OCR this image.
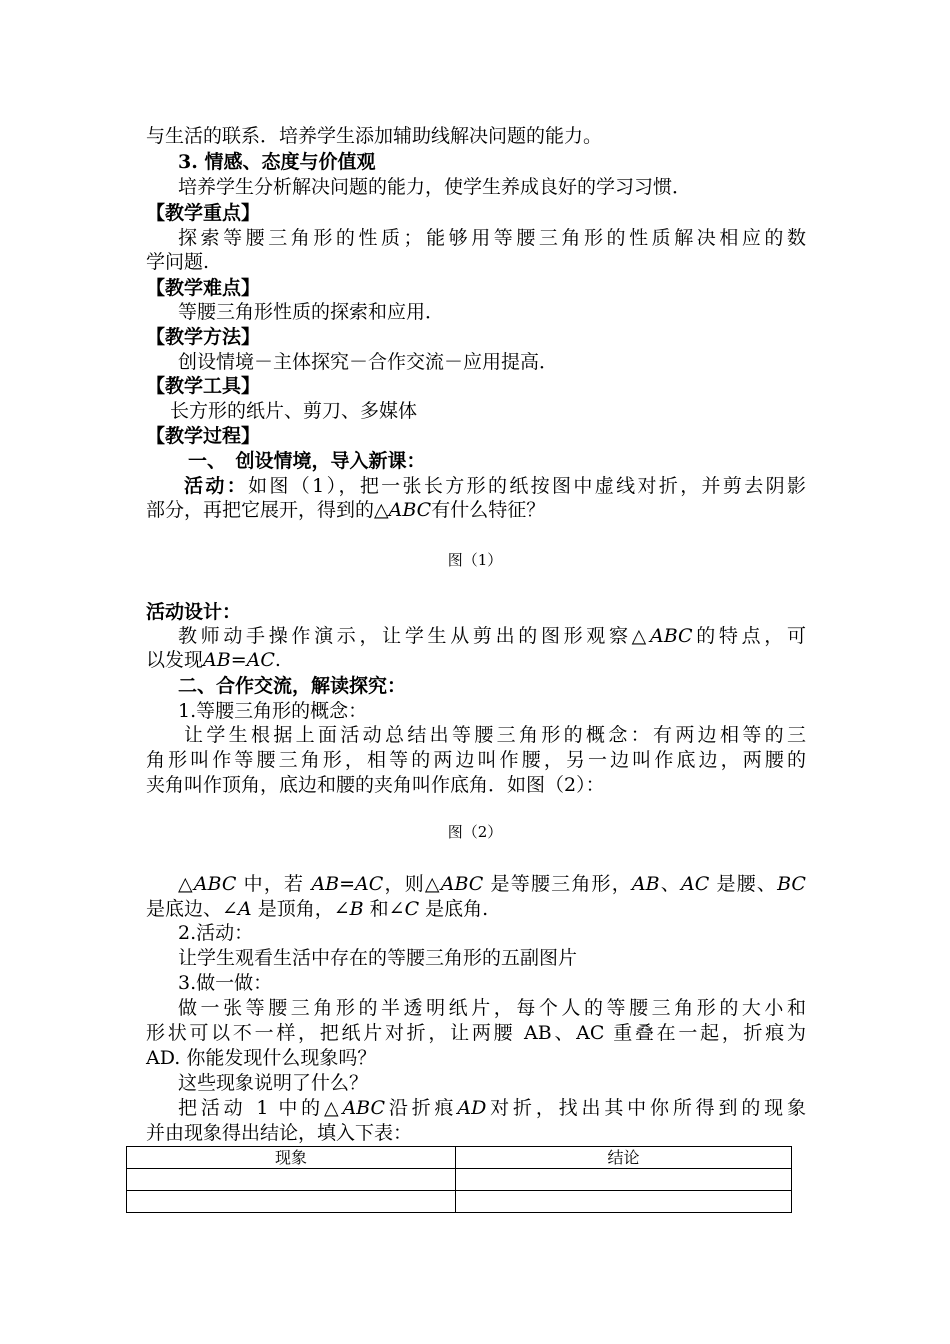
与生活的联系．培养学生添加辅助线解决问题的能力。
3. 情感、态度与价值观
培养学生分析解决问题的能力，使学生养成良好的学习习惯．
【教学重点】
探索等腰三角形的性质；能够用等腰三角形的性质解决相应的数
学问题.
【教学难点】
等腰三角形性质的探索和应用．
【教学方法】
创设情境－主体探究－合作交流－应用提高．
【教学工具】
长方形的纸片、剪刀、多媒体
【教学过程】
一、　创设情境，导入新课：
活动：如图（1），把一张长方形的纸按图中虚线对折，并剪去阴影
部分，再把它展开，得到的△ABC有什么特征？
图（1）
活动设计：
教师动手操作演示，让学生从剪出的图形观察△ABC的特点，可
以发现AB=AC.
二、合作交流，解读探究：
1.等腰三角形的概念：
让学生根据上面活动总结出等腰三角形的概念：有两边相等的三
角形叫作等腰三角形，相等的两边叫作腰，另一边叫作底边，两腰的
夹角叫作顶角，底边和腰的夹角叫作底角．如图（2）：
图（2）
△ABC 中，若 AB=AC，则△ABC 是等腰三角形，AB、AC 是腰、BC
是底边、∠A 是顶角，∠B 和∠C 是底角.
2.活动：
让学生观看生活中存在的等腰三角形的五副图片
3.做一做：
做一张等腰三角形的半透明纸片，每个人的等腰三角形的大小和
形状可以不一样，把纸片对折，让两腰 AB、AC 重叠在一起，折痕为
AD. 你能发现什么现象吗？
这些现象说明了什么？
把活动 1 中的△ABC沿折痕AD对折，找出其中你所得到的现象
并由现象得出结论，填入下表：
现象	结论
